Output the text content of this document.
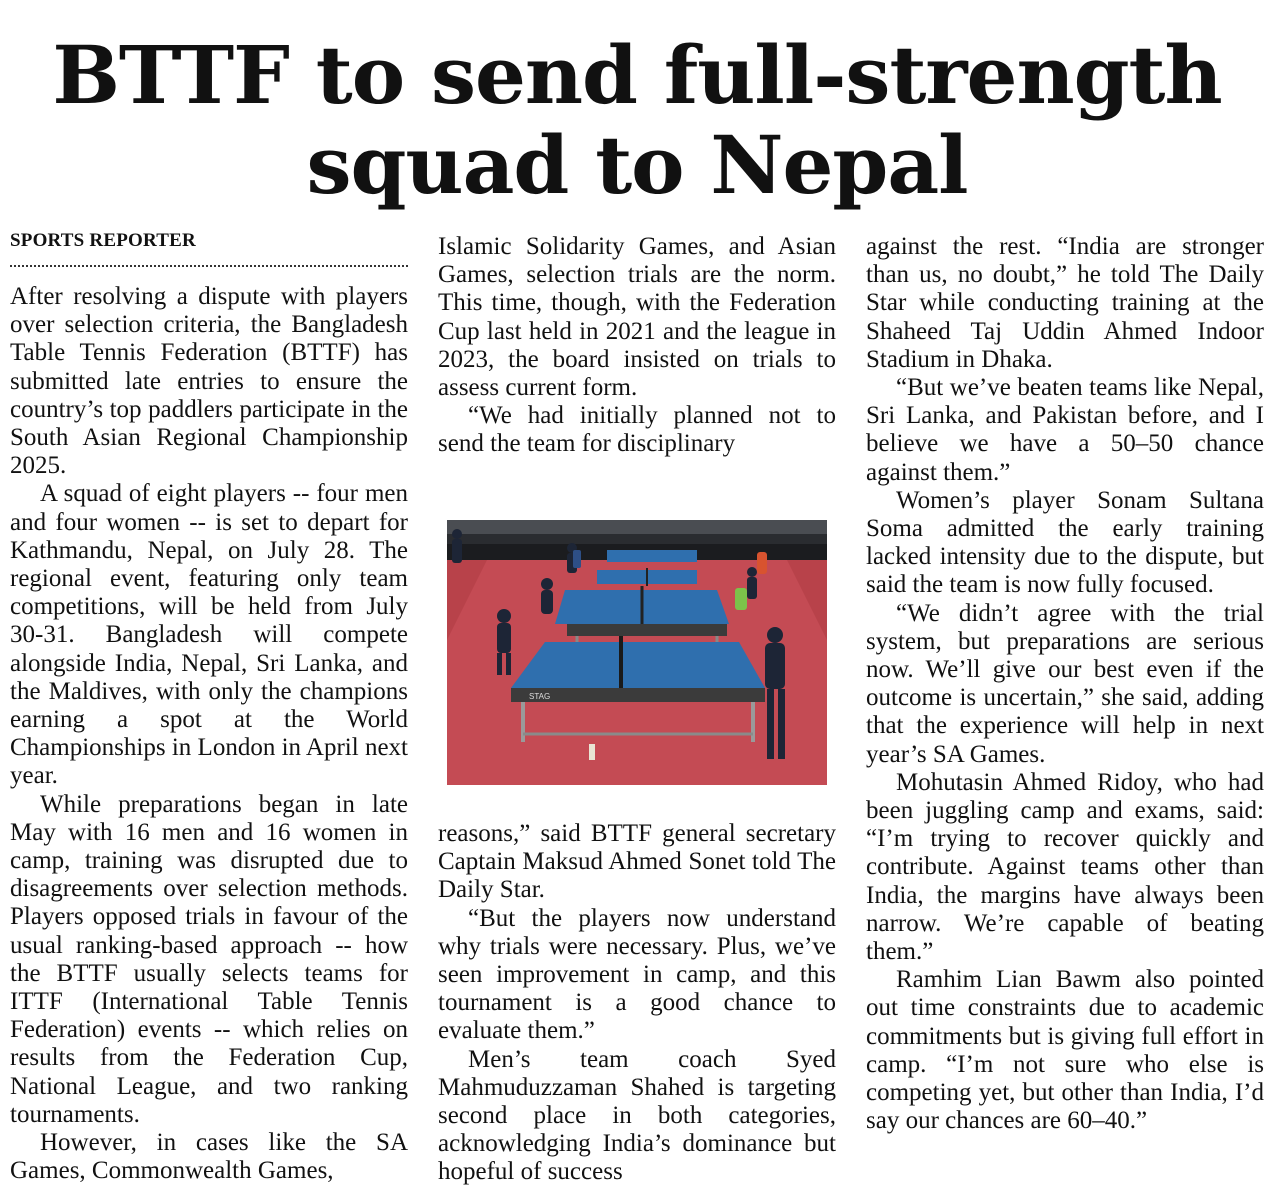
BTTF to send full-strength
squad to Nepal
SPORTS REPORTER

After resolving a dispute with players over selection criteria, the Bangladesh Table Tennis Federation (BTTF) has submitted late entries to ensure the country’s top paddlers participate in the South Asian Regional Championship 2025.

A squad of eight players -- four men and four women -- is set to depart for Kathmandu, Nepal, on July 28. The regional event, featuring only team competitions, will be held from July 30-31. Bangladesh will compete alongside India, Nepal, Sri Lanka, and the Maldives, with only the champions earning a spot at the World Championships in London in April next year.

While preparations began in late May with 16 men and 16 women in camp, training was disrupted due to disagreements over selection methods. Players opposed trials in favour of the usual ranking-based approach -- how the BTTF usually selects teams for ITTF (International Table Tennis Federation) events -- which relies on results from the Federation Cup, National League, and two ranking tournaments.

However, in cases like the SA Games, Commonwealth Games,

Islamic Solidarity Games, and Asian Games, selection trials are the norm. This time, though, with the Federation Cup last held in 2021 and the league in 2023, the board insisted on trials to assess current form.

“We had initially planned not to send the team for disciplinary

STAG

reasons,” said BTTF general secretary Captain Maksud Ahmed Sonet told The Daily Star.

“But the players now understand why trials were necessary. Plus, we’ve seen improvement in camp, and this tournament is a good chance to evaluate them.”

Men’s team coach Syed Mahmuduzzaman Shahed is targeting second place in both categories, acknowledging India’s dominance but hopeful of success

against the rest. “India are stronger than us, no doubt,” he told The Daily Star while conducting training at the Shaheed Taj Uddin Ahmed Indoor Stadium in Dhaka.

“But we’ve beaten teams like Nepal, Sri Lanka, and Pakistan before, and I believe we have a 50–50 chance against them.”

Women’s player Sonam Sultana Soma admitted the early training lacked intensity due to the dispute, but said the team is now fully focused.

“We didn’t agree with the trial system, but preparations are serious now. We’ll give our best even if the outcome is uncertain,” she said, adding that the experience will help in next year’s SA Games.

Mohutasin Ahmed Ridoy, who had been juggling camp and exams, said: “I’m trying to recover quickly and contribute. Against teams other than India, the margins have always been narrow. We’re capable of beating them.”

Ramhim Lian Bawm also pointed out time constraints due to academic commitments but is giving full effort in camp. “I’m not sure who else is competing yet, but other than India, I’d say our chances are 60–40.”
